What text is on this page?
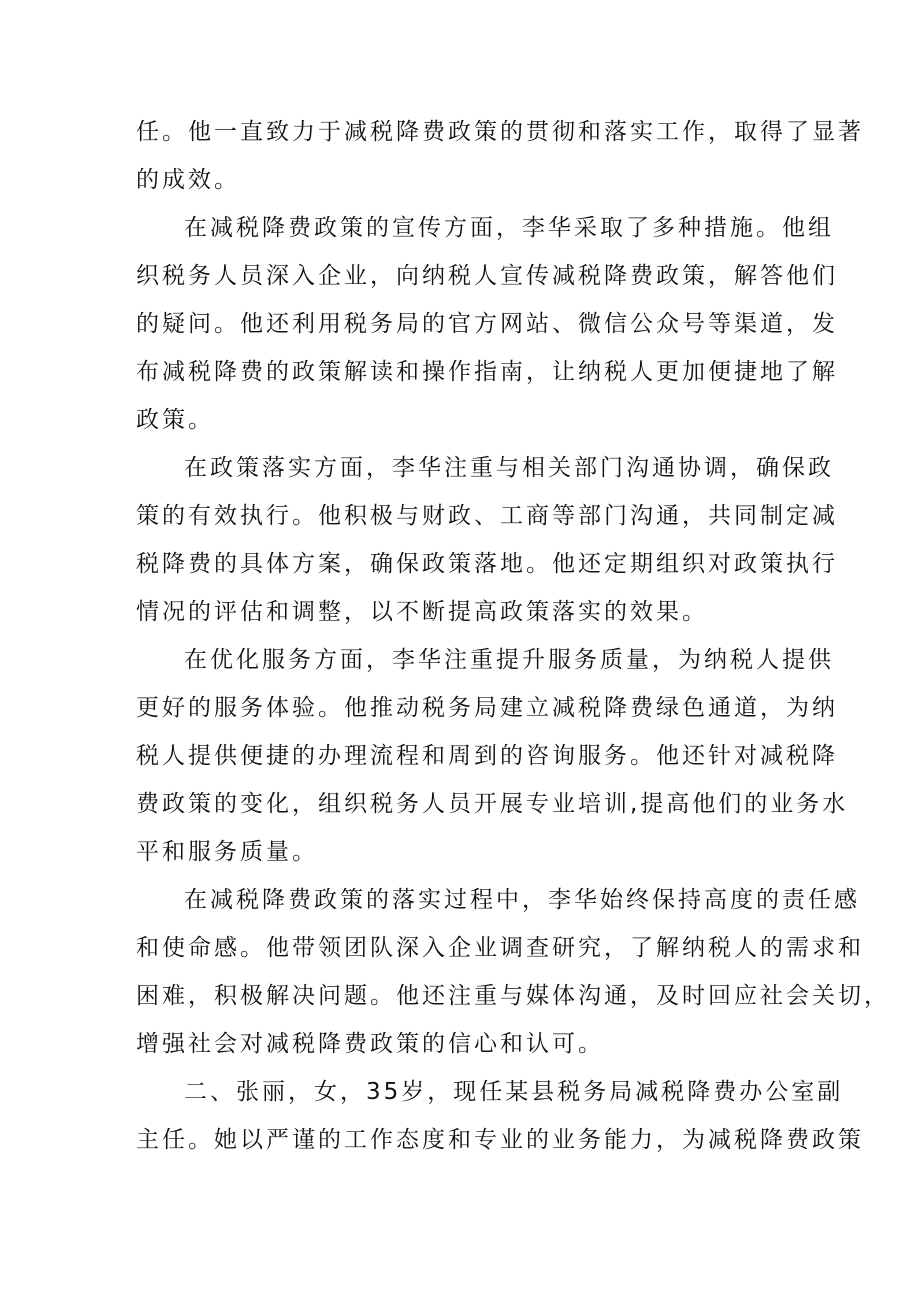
任。他一直致力于减税降费政策的贯彻和落实工作，取得了显著
的成效。
在减税降费政策的宣传方面，李华采取了多种措施。他组
织税务人员深入企业，向纳税人宣传减税降费政策，解答他们
的疑问。他还利用税务局的官方网站、微信公众号等渠道，发
布减税降费的政策解读和操作指南，让纳税人更加便捷地了解
政策。
在政策落实方面，李华注重与相关部门沟通协调，确保政
策的有效执行。他积极与财政、工商等部门沟通，共同制定减
税降费的具体方案，确保政策落地。他还定期组织对政策执行
情况的评估和调整，以不断提高政策落实的效果。
在优化服务方面，李华注重提升服务质量，为纳税人提供
更好的服务体验。他推动税务局建立减税降费绿色通道，为纳
税人提供便捷的办理流程和周到的咨询服务。他还针对减税降
费政策的变化，组织税务人员开展专业培训,提高他们的业务水
平和服务质量。
在减税降费政策的落实过程中，李华始终保持高度的责任感
和使命感。他带领团队深入企业调查研究，了解纳税人的需求和
困难，积极解决问题。他还注重与媒体沟通，及时回应社会关切，
增强社会对减税降费政策的信心和认可。
二、张丽，女，35岁，现任某县税务局减税降费办公室副
主任。她以严谨的工作态度和专业的业务能力，为减税降费政策
